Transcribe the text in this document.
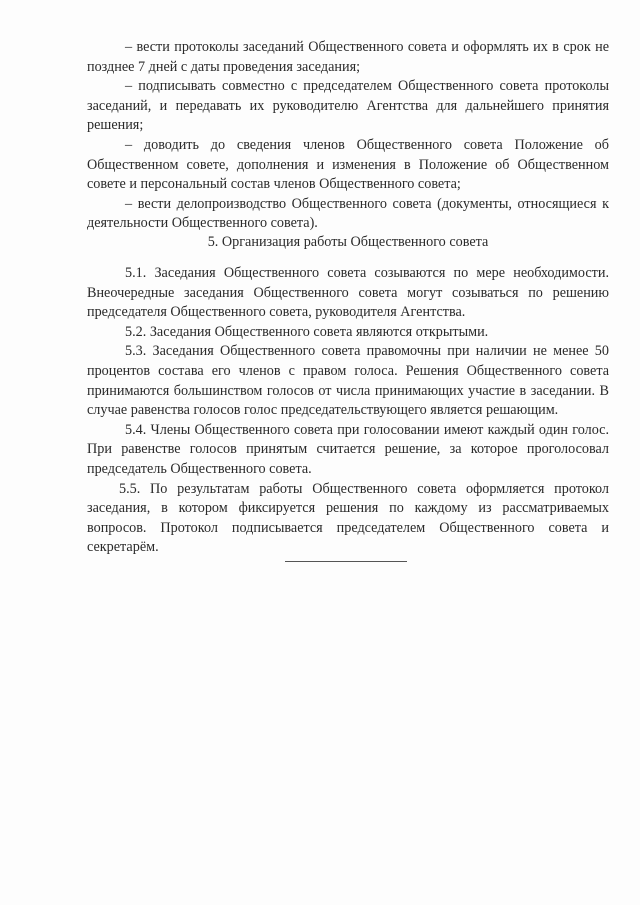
– вести протоколы заседаний Общественного совета и оформлять их в срок не позднее 7 дней с даты проведения заседания;

– подписывать совместно с председателем Общественного совета протоколы заседаний, и передавать их руководителю Агентства для дальнейшего принятия решения;

– доводить до сведения членов Общественного совета Положение об Общественном совете, дополнения и изменения в Положение об Общественном совете и персональный состав членов Общественного совета;

– вести делопроизводство Общественного совета (документы, относящиеся к деятельности Общественного совета).

5. Организация работы Общественного совета

5.1. Заседания Общественного совета созываются по мере необходимости. Внеочередные заседания Общественного совета могут созываться по решению председателя Общественного совета, руководителя Агентства.

5.2. Заседания Общественного совета являются открытыми.

5.3. Заседания Общественного совета правомочны при наличии не менее 50 процентов состава его членов с правом голоса. Решения Общественного совета принимаются большинством голосов от числа принимающих участие в заседании. В случае равенства голосов голос председательствующего является решающим.

5.4. Члены Общественного совета при голосовании имеют каждый один голос. При равенстве голосов принятым считается решение, за которое проголосовал председатель Общественного совета.

5.5. По результатам работы Общественного совета оформляется протокол заседания, в котором фиксируется решения по каждому из рассматриваемых вопросов. Протокол подписывается председателем Общественного совета и секретарём.
